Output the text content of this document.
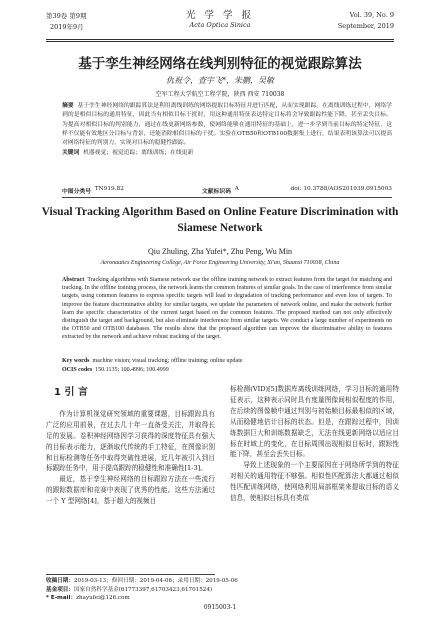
第39卷 第9期
2019年9月
光 学 学 报
Acta Optica Sinica
Vol. 39, No. 9
September, 2019
基于孪生神经网络在线判别特征的视觉跟踪算法
仇祝令，查宇飞*，朱鹏，吴敏
空军工程大学航空工程学院，陕西 西安 710038
摘要 基于孪生神经网络的跟踪算法是利用离线训练的网络提取目标特征并进行匹配，从而实现跟踪。在离线训练过程中，网络学到的是相似目标的通用特征，因此当有相似目标干扰时，用这种通用特征表达特定目标将会导致跟踪性能下降，甚至丢失目标。为提高对相似目标的判别能力，通过在线更新网络参数，使网络能够在通用特征的基础上，进一步学到当前目标的特定特征，这样不仅能有效地区分目标与背景，还能消除相似目标的干扰。实验在OTB50和OTB100数据集上进行，结果表明该算法可以提高对网络特征的判别力，实现对目标的稳健性跟踪。
关键词 机器视觉；视觉追踪；离线训练；在线更新
中图分类号 TN919.82	文献标识码 A	doi: 10.3788/AOS201939.0915003
Visual Tracking Algorithm Based on Online Feature Discrimination with Siamese Network
Qiu Zhuling, Zha Yufei*, Zhu Peng, Wu Min
Aeronautics Engineering College, Air Force Engineering University, Xi'an, Shaanxi 710038, China
Abstract Tracking algorithms with Siamese network use the offline training network to extract features from the target for matching and tracking. In the offline training process, the network learns the common features of similar goals. In the case of interference from similar targets, using common features to express specific targets will lead to degradation of tracking performance and even loss of targets. To improve the feature discriminative ability for similar targets, we update the parameters of network online, and make the network further learn the specific characteristics of the current target based on the common features. The proposed method can not only effectively distinguish the target and background, but also eliminate interference from similar targets. We conduct a large number of experiments on the OTB50 and OTB100 databases. The results show that the proposed algorithm can improve the discriminative ability to features extracted by the network and achieve robust tracking of the target.
Key words machine vision; visual tracking; offline training; online update
OCIS codes 150.1135; 100.4996; 100.4999
1 引 言

作为计算机视觉研究领域的重要课题，目标跟踪具有广泛的应用前景，在过去几十年一直备受关注，并取得长足的发展。卷积神经网络因学习获得的深度特征具有强大的目标表示能力，逐渐取代传统的手工特征，在图像识别和目标检测等任务中取得突破性进展，近几年被引入到目标跟踪任务中，用于提高跟踪的稳健性和准确性[1-3]。

最近，基于孪生神经网络的目标跟踪方法在一些流行的跟踪数据库和竞赛中表现了优秀的性能。这些方法通过一个 Y 型网络[4]，基于超大的视频目

标检测(VID)[5]数据库离线训练网络，学习目标的通用特征表示，这种表示同时具有度量图像间相似程度的作用，在后续的图像帧中通过判别与初始帧目标最相似的区域，从而稳健地估计目标的状态。但是，在跟踪过程中，因训练数据巨大和训练数据缺乏，无法在线更新网络以适应目标在时域上的变化，在目标周围出现相似目标时，跟踪性能下降，甚至会丢失目标。

导致上述现象的一个主要原因在于网络所学到的特征对相关的通用特征不够强。相似性匹配算法大都通过相似性匹配训练网络，使网络利用局部框架来提取目标的语义信息，使相似目标具有类似

收稿日期：2019-03-13；修回日期：2019-04-06；录用日期：2019-05-06
基金项目：国家自然科学基金(61773397,61703423,61701524)
* E-mail：zhayufei@126.com
0915003-1
